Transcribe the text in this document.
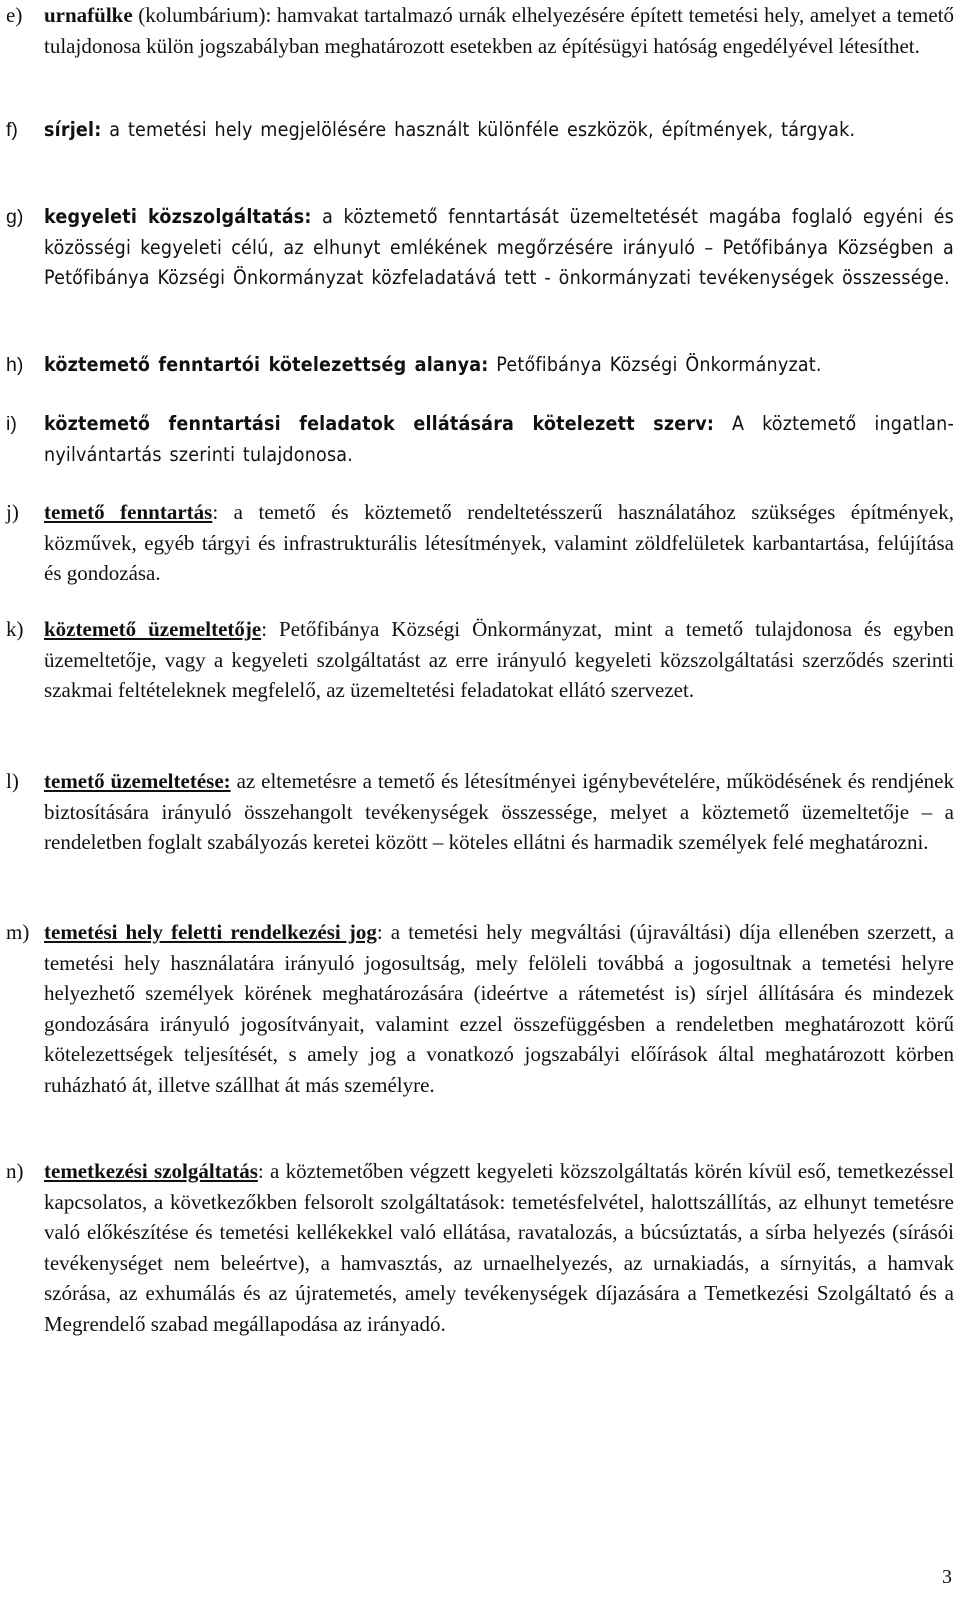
e) urnafülke (kolumbárium): hamvakat tartalmazó urnák elhelyezésére épített temetési hely, amelyet a temető tulajdonosa külön jogszabályban meghatározott esetekben az építésügyi hatóság engedélyével létesíthet.
f) sírjel: a temetési hely megjelölésére használt különféle eszközök, építmények, tárgyak.
g) kegyeleti közszolgáltatás: a köztemető fenntartását üzemeltetését magába foglaló egyéni és közösségi kegyeleti célú, az elhunyt emlékének megőrzésére irányuló – Petőfibánya Községben a Petőfibánya Községi Önkormányzat közfeladatává tett - önkormányzati tevékenységek összessége.
h) köztemető fenntartói kötelezettség alanya: Petőfibánya Községi Önkormányzat.
i) köztemető fenntartási feladatok ellátására kötelezett szerv: A köztemető ingatlan-nyilvántartás szerinti tulajdonosa.
j) temető fenntartás: a temető és köztemető rendeltetésszerű használatához szükséges építmények, közművek, egyéb tárgyi és infrastrukturális létesítmények, valamint zöldfelületek karbantartása, felújítása és gondozása.
k) köztemető üzemeltetője: Petőfibánya Községi Önkormányzat, mint a temető tulajdonosa és egyben üzemeltetője, vagy a kegyeleti szolgáltatást az erre irányuló kegyeleti közszolgáltatási szerződés szerinti szakmai feltételeknek megfelelő, az üzemeltetési feladatokat ellátó szervezet.
l) temető üzemeltetése: az eltemetésre a temető és létesítményei igénybevételére, működésének és rendjének biztosítására irányuló összehangolt tevékenységek összessége, melyet a köztemető üzemeltetője – a rendeletben foglalt szabályozás keretei között – köteles ellátni és harmadik személyek felé meghatározni.
m) temetési hely feletti rendelkezési jog: a temetési hely megváltási (újraváltási) díja ellenében szerzett, a temetési hely használatára irányuló jogosultság, mely felöleli továbbá a jogosultnak a temetési helyre helyezhető személyek körének meghatározására (ideértve a rátemetést is) sírjel állítására és mindezek gondozására irányuló jogosítványait, valamint ezzel összefüggésben a rendeletben meghatározott körű kötelezettségek teljesítését, s amely jog a vonatkozó jogszabályi előírások által meghatározott körben ruházható át, illetve szállhat át más személyre.
n) temetkezési szolgáltatás: a köztemetőben végzett kegyeleti közszolgáltatás körén kívül eső, temetkezéssel kapcsolatos, a következőkben felsorolt szolgáltatások: temetésfelvétel, halottszállítás, az elhunyt temetésre való előkészítése és temetési kellékekkel való ellátása, ravatalozás, a búcsúztatás, a sírba helyezés (sírásói tevékenységet nem beleértve), a hamvasztás, az urnaelhelyezés, az urnakiadás, a sírnyitás, a hamvak szórása, az exhumálás és az újratemetés, amely tevékenységek díjazására a Temetkezési Szolgáltató és a Megrendelő szabad megállapodása az irányadó.
3
